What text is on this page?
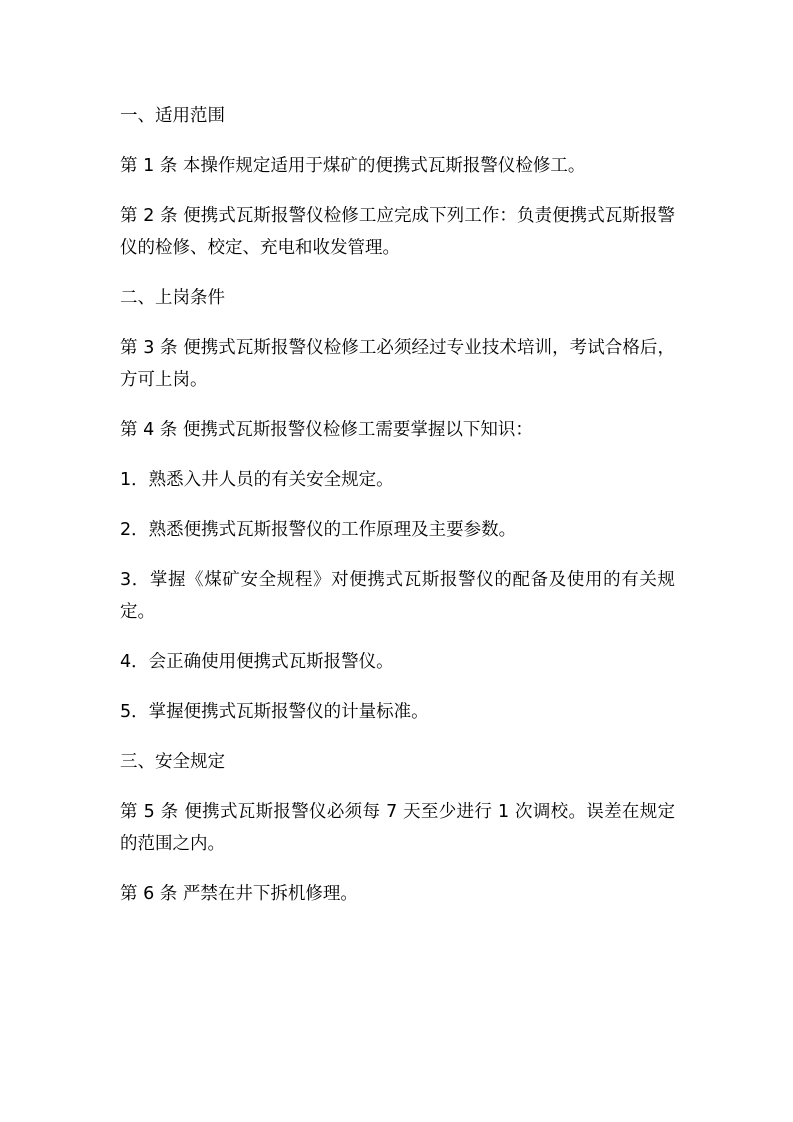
一、适用范围

第 1 条 本操作规定适用于煤矿的便携式瓦斯报警仪检修工。

第 2 条 便携式瓦斯报警仪检修工应完成下列工作：负责便携式瓦斯报警仪的检修、校定、充电和收发管理。

二、上岗条件

第 3 条 便携式瓦斯报警仪检修工必须经过专业技术培训，考试合格后，方可上岗。

第 4 条 便携式瓦斯报警仪检修工需要掌握以下知识：

1．熟悉入井人员的有关安全规定。

2．熟悉便携式瓦斯报警仪的工作原理及主要参数。

3．掌握《煤矿安全规程》对便携式瓦斯报警仪的配备及使用的有关规定。

4．会正确使用便携式瓦斯报警仪。

5．掌握便携式瓦斯报警仪的计量标准。

三、安全规定

第 5 条 便携式瓦斯报警仪必须每 7 天至少进行 1 次调校。误差在规定的范围之内。

第 6 条 严禁在井下拆机修理。
